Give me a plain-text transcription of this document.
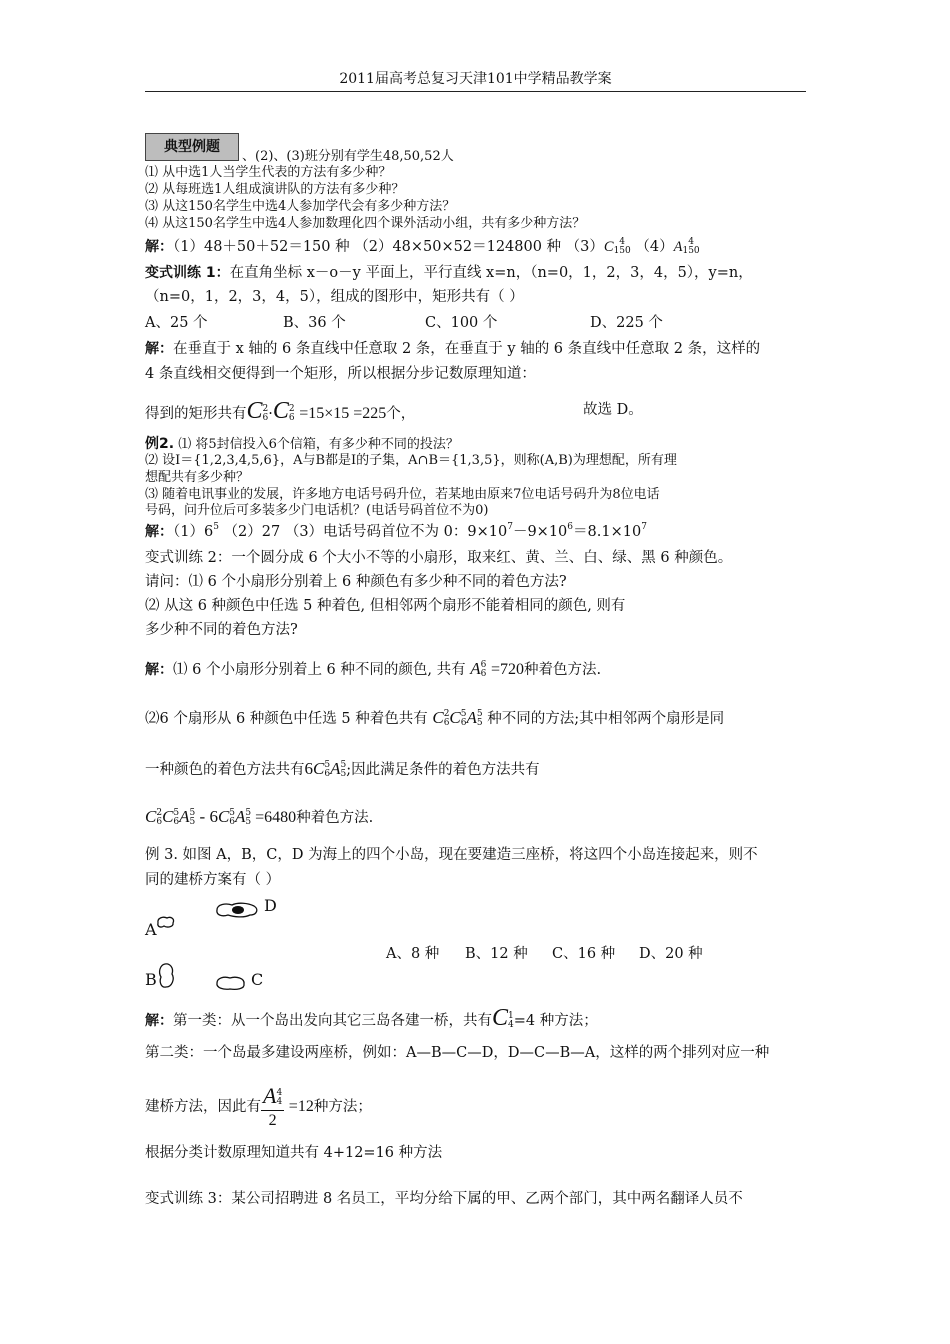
2011届高考总复习天津101中学精品教学案
典型例题
、(2)、(3)班分别有学生48,50,52人
⑴ 从中选1人当学生代表的方法有多少种？
⑵ 从每班选1人组成演讲队的方法有多少种？
⑶ 从这150名学生中选4人参加学代会有多少种方法？
⑷ 从这150名学生中选4人参加数理化四个课外活动小组，共有多少种方法？
解：（1）48＋50＋52＝150 种 （2）48×50×52＝124800 种 （3）C 4
150 （4）A 4
150
变式训练 1：在直角坐标 x－o－y 平面上，平行直线 x=n，（n=0，1，2，3，4，5），y=n，
（n=0，1，2，3，4，5），组成的图形中，矩形共有（ ）
A、25 个	B、36 个	C、100 个	D、225 个
解：在垂直于 x 轴的 6 条直线中任意取 2 条，在垂直于 y 轴的 6 条直线中任意取 2 条，这样的
4 条直线相交便得到一个矩形，所以根据分步记数原理知道：
得到的矩形共有C 2
6 ·C 2
6 =15×15 =225个，	故选 D。
例2. ⑴ 将5封信投入6个信箱，有多少种不同的投法？
⑵ 设I＝{1,2,3,4,5,6}，A与B都是I的子集，A∩B＝{1,3,5}，则称(A,B)为理想配，所有理
想配共有多少种？
⑶ 随着电讯事业的发展，许多地方电话号码升位，若某地由原来7位电话号码升为8位电话
号码，问升位后可多装多少门电话机？(电话号码首位不为0)
解：$(1)6^5$ （2）27 （3）电话号码首位不为 0：$9\times 10^7-9\times 10^6=8.1\times 10^7$
变式训练 2：一个圆分成 6 个大小不等的小扇形，取来红、黄、兰、白、绿、黑 6 种颜色。
请问：⑴ 6 个小扇形分别着上 6 种颜色有多少种不同的着色方法?
⑵ 从这 6 种颜色中任选 5 种着色, 但相邻两个扇形不能着相同的颜色, 则有
多少种不同的着色方法?
解：⑴ 6 个小扇形分别着上 6 种不同的颜色, 共有 A 6
6 =720种着色方法.
⑵6 个扇形从 6 种颜色中任选 5 种着色共有 C 2
6 C 5
6 A 5
5 种不同的方法;其中相邻两个扇形是同
一种颜色的着色方法共有6C 5
6 A 5
5 ;因此满足条件的着色方法共有
C 2
6 C 5
6 A 5
5 - 6C 5
6 A 5
5 =6480种着色方法.
例 3. 如图 A，B，C，D 为海上的四个小岛，现在要建造三座桥，将这四个小岛连接起来，则不
同的建桥方案有（ ）
A
D
B	C
A、8 种 B、12 种 C、16 种 D、20 种
解：第一类：从一个岛出发向其它三岛各建一桥，共有C 1
4 =4 种方法；
第二类：一个岛最多建设两座桥，例如：A—B—C—D，D—C—B—A，这样的两个排列对应一种
建桥方法，因此有 A 4
4
2 =12种方法；
根据分类计数原理知道共有 4+12=16 种方法
变式训练 3：某公司招聘进 8 名员工，平均分给下属的甲、乙两个部门，其中两名翻译人员不
